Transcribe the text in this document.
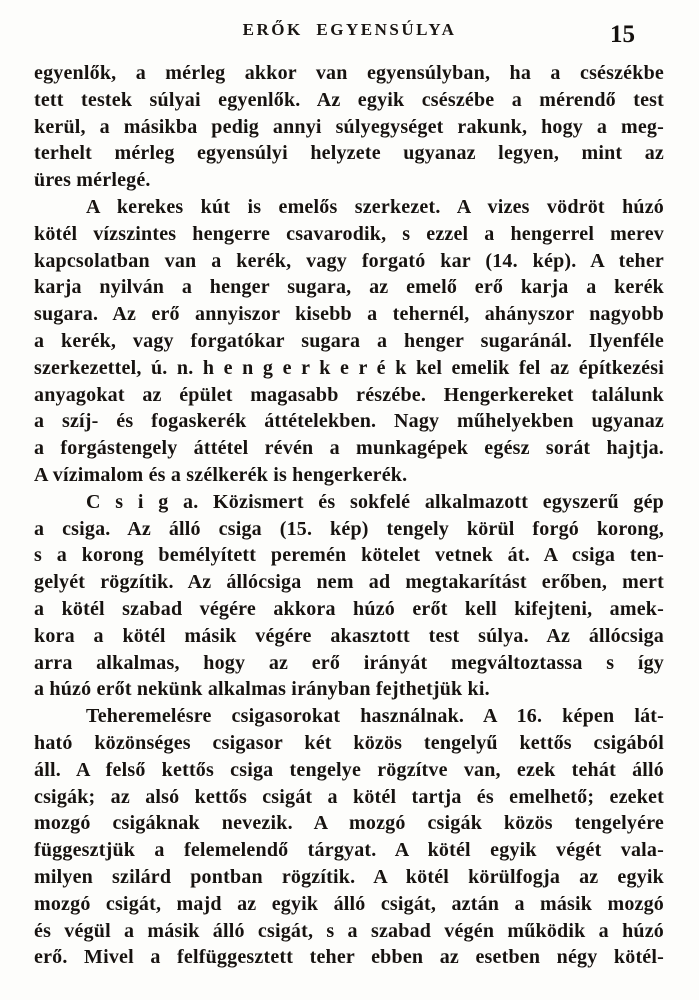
ERŐK EGYENSÚLYA	15
egyenlők, a mérleg akkor van egyensúlyban, ha a csészékbe
tett testek súlyai egyenlők. Az egyik csészébe a mérendő test
kerül, a másikba pedig annyi súlyegységet rakunk, hogy a meg-
terhelt mérleg egyensúlyi helyzete ugyanaz legyen, mint az
üres mérlegé.
A kerekes kút is emelős szerkezet. A vizes vödröt húzó
kötél vízszintes hengerre csavarodik, s ezzel a hengerrel merev
kapcsolatban van a kerék, vagy forgató kar (14. kép). A teher
karja nyilván a henger sugara, az emelő erő karja a kerék
sugara. Az erő annyiszor kisebb a tehernél, ahányszor nagyobb
a kerék, vagy forgatókar sugara a henger sugaránál. Ilyenféle
szerkezettel, ú. n. h e n g e r k e r é k kel emelik fel az építkezési
anyagokat az épület magasabb részébe. Hengerkereket találunk
a szíj- és fogaskerék áttételekben. Nagy műhelyekben ugyanaz
a forgástengely áttétel révén a munkagépek egész sorát hajtja.
A vízimalom és a szélkerék is hengerkerék.
C s i g a. Közismert és sokfelé alkalmazott egyszerű gép
a csiga. Az álló csiga (15. kép) tengely körül forgó korong,
s a korong bemélyített peremén kötelet vetnek át. A csiga ten-
gelyét rögzítik. Az állócsiga nem ad megtakarítást erőben, mert
a kötél szabad végére akkora húzó erőt kell kifejteni, amek-
kora a kötél másik végére akasztott test súlya. Az állócsiga
arra alkalmas, hogy az erő irányát megváltoztassa s így
a húzó erőt nekünk alkalmas irányban fejthetjük ki.
Teheremelésre csigasorokat használnak. A 16. képen lát-
ható közönséges csigasor két közös tengelyű kettős csigából
áll. A felső kettős csiga tengelye rögzítve van, ezek tehát álló
csigák; az alsó kettős csigát a kötél tartja és emelhető; ezeket
mozgó csigáknak nevezik. A mozgó csigák közös tengelyére
függesztjük a felemelendő tárgyat. A kötél egyik végét vala-
milyen szilárd pontban rögzítik. A kötél körülfogja az egyik
mozgó csigát, majd az egyik álló csigát, aztán a másik mozgó
és végül a másik álló csigát, s a szabad végén működik a húzó
erő. Mivel a felfüggesztett teher ebben az esetben négy kötél-
